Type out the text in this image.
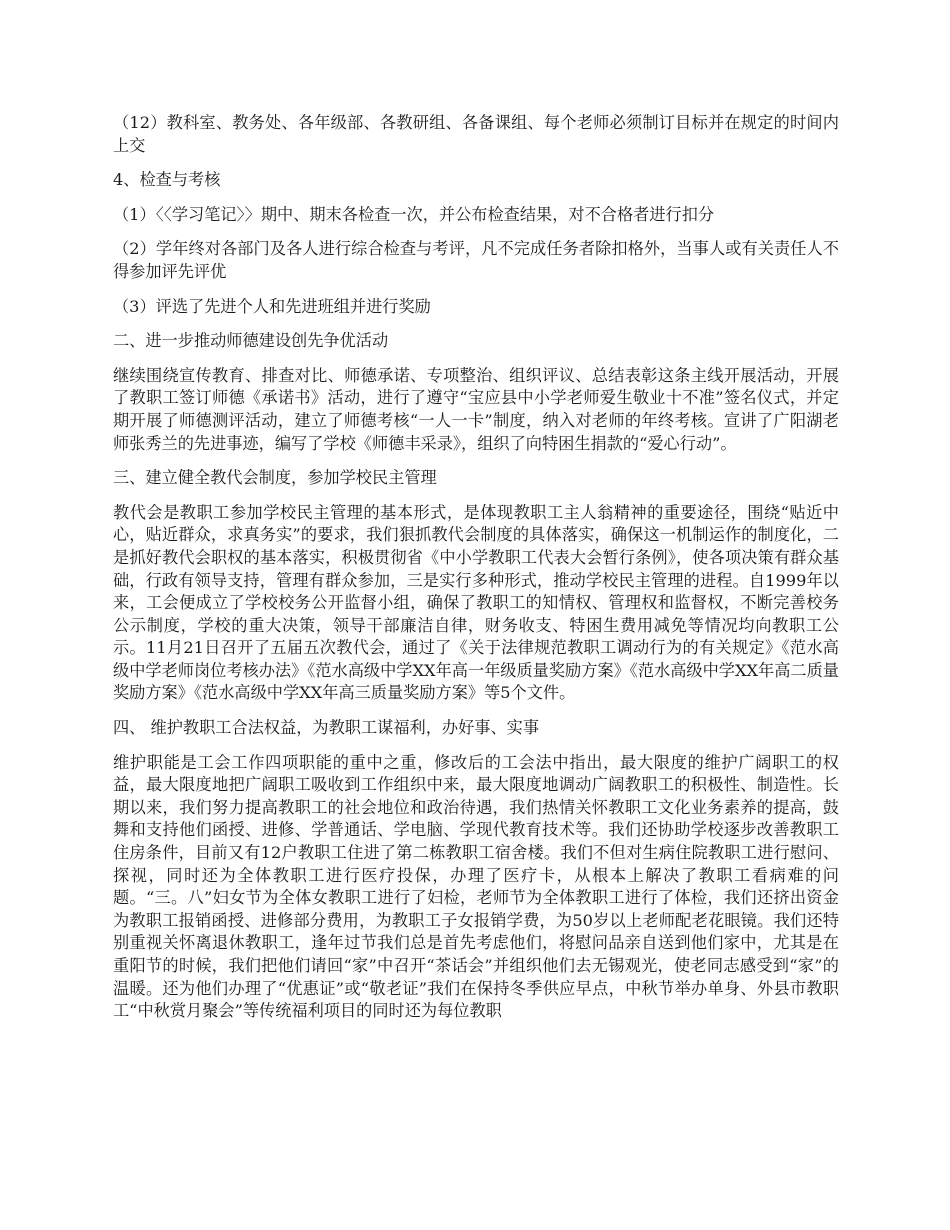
（12）教科室、教务处、各年级部、各教研组、各备课组、每个老师必须制订目标并在规定的时间内上交

4、检查与考核

（1）〈〈学习笔记〉〉期中、期末各检查一次，并公布检查结果，对不合格者进行扣分

（2）学年终对各部门及各人进行综合检查与考评，凡不完成任务者除扣格外，当事人或有关责任人不得参加评先评优

（3）评选了先进个人和先进班组并进行奖励

二、进一步推动师德建设创先争优活动

继续围绕宣传教育、排查对比、师德承诺、专项整治、组织评议、总结表彰这条主线开展活动，开展了教职工签订师德《承诺书》活动，进行了遵守“宝应县中小学老师爱生敬业十不准”签名仪式，并定期开展了师德测评活动，建立了师德考核“一人一卡”制度，纳入对老师的年终考核。宣讲了广阳湖老师张秀兰的先进事迹，编写了学校《师德丰采录》，组织了向特困生捐款的“爱心行动”。

三、建立健全教代会制度，参加学校民主管理

教代会是教职工参加学校民主管理的基本形式，是体现教职工主人翁精神的重要途径，围绕“贴近中心，贴近群众，求真务实”的要求，我们狠抓教代会制度的具体落实，确保这一机制运作的制度化，二是抓好教代会职权的基本落实，积极贯彻省《中小学教职工代表大会暂行条例》，使各项决策有群众基础，行政有领导支持，管理有群众参加，三是实行多种形式，推动学校民主管理的进程。自1999年以来，工会便成立了学校校务公开监督小组，确保了教职工的知情权、管理权和监督权，不断完善校务公示制度，学校的重大决策，领导干部廉洁自律，财务收支、特困生费用减免等情况均向教职工公示。11月21日召开了五届五次教代会，通过了《关于法律规范教职工调动行为的有关规定》《范水高级中学老师岗位考核办法》《范水高级中学XX年高一年级质量奖励方案》《范水高级中学XX年高二质量奖励方案》《范水高级中学XX年高三质量奖励方案》等5个文件。

四、 维护教职工合法权益，为教职工谋福利，办好事、实事

维护职能是工会工作四项职能的重中之重，修改后的工会法中指出，最大限度的维护广阔职工的权益，最大限度地把广阔职工吸收到工作组织中来，最大限度地调动广阔教职工的积极性、制造性。长期以来，我们努力提高教职工的社会地位和政治待遇，我们热情关怀教职工文化业务素养的提高，鼓舞和支持他们函授、进修、学普通话、学电脑、学现代教育技术等。我们还协助学校逐步改善教职工住房条件，目前又有12户教职工住进了第二栋教职工宿舍楼。我们不但对生病住院教职工进行慰问、探视，同时还为全体教职工进行医疗投保，办理了医疗卡，从根本上解决了教职工看病难的问题。“三。八”妇女节为全体女教职工进行了妇检，老师节为全体教职工进行了体检，我们还挤出资金为教职工报销函授、进修部分费用，为教职工子女报销学费，为50岁以上老师配老花眼镜。我们还特别重视关怀离退休教职工，逢年过节我们总是首先考虑他们，将慰问品亲自送到他们家中，尤其是在重阳节的时候，我们把他们请回“家”中召开“茶话会”并组织他们去无锡观光，使老同志感受到“家”的温暖。还为他们办理了“优惠证”或“敬老证”我们在保持冬季供应早点，中秋节举办单身、外县市教职工“中秋赏月聚会”等传统福利项目的同时还为每位教职
